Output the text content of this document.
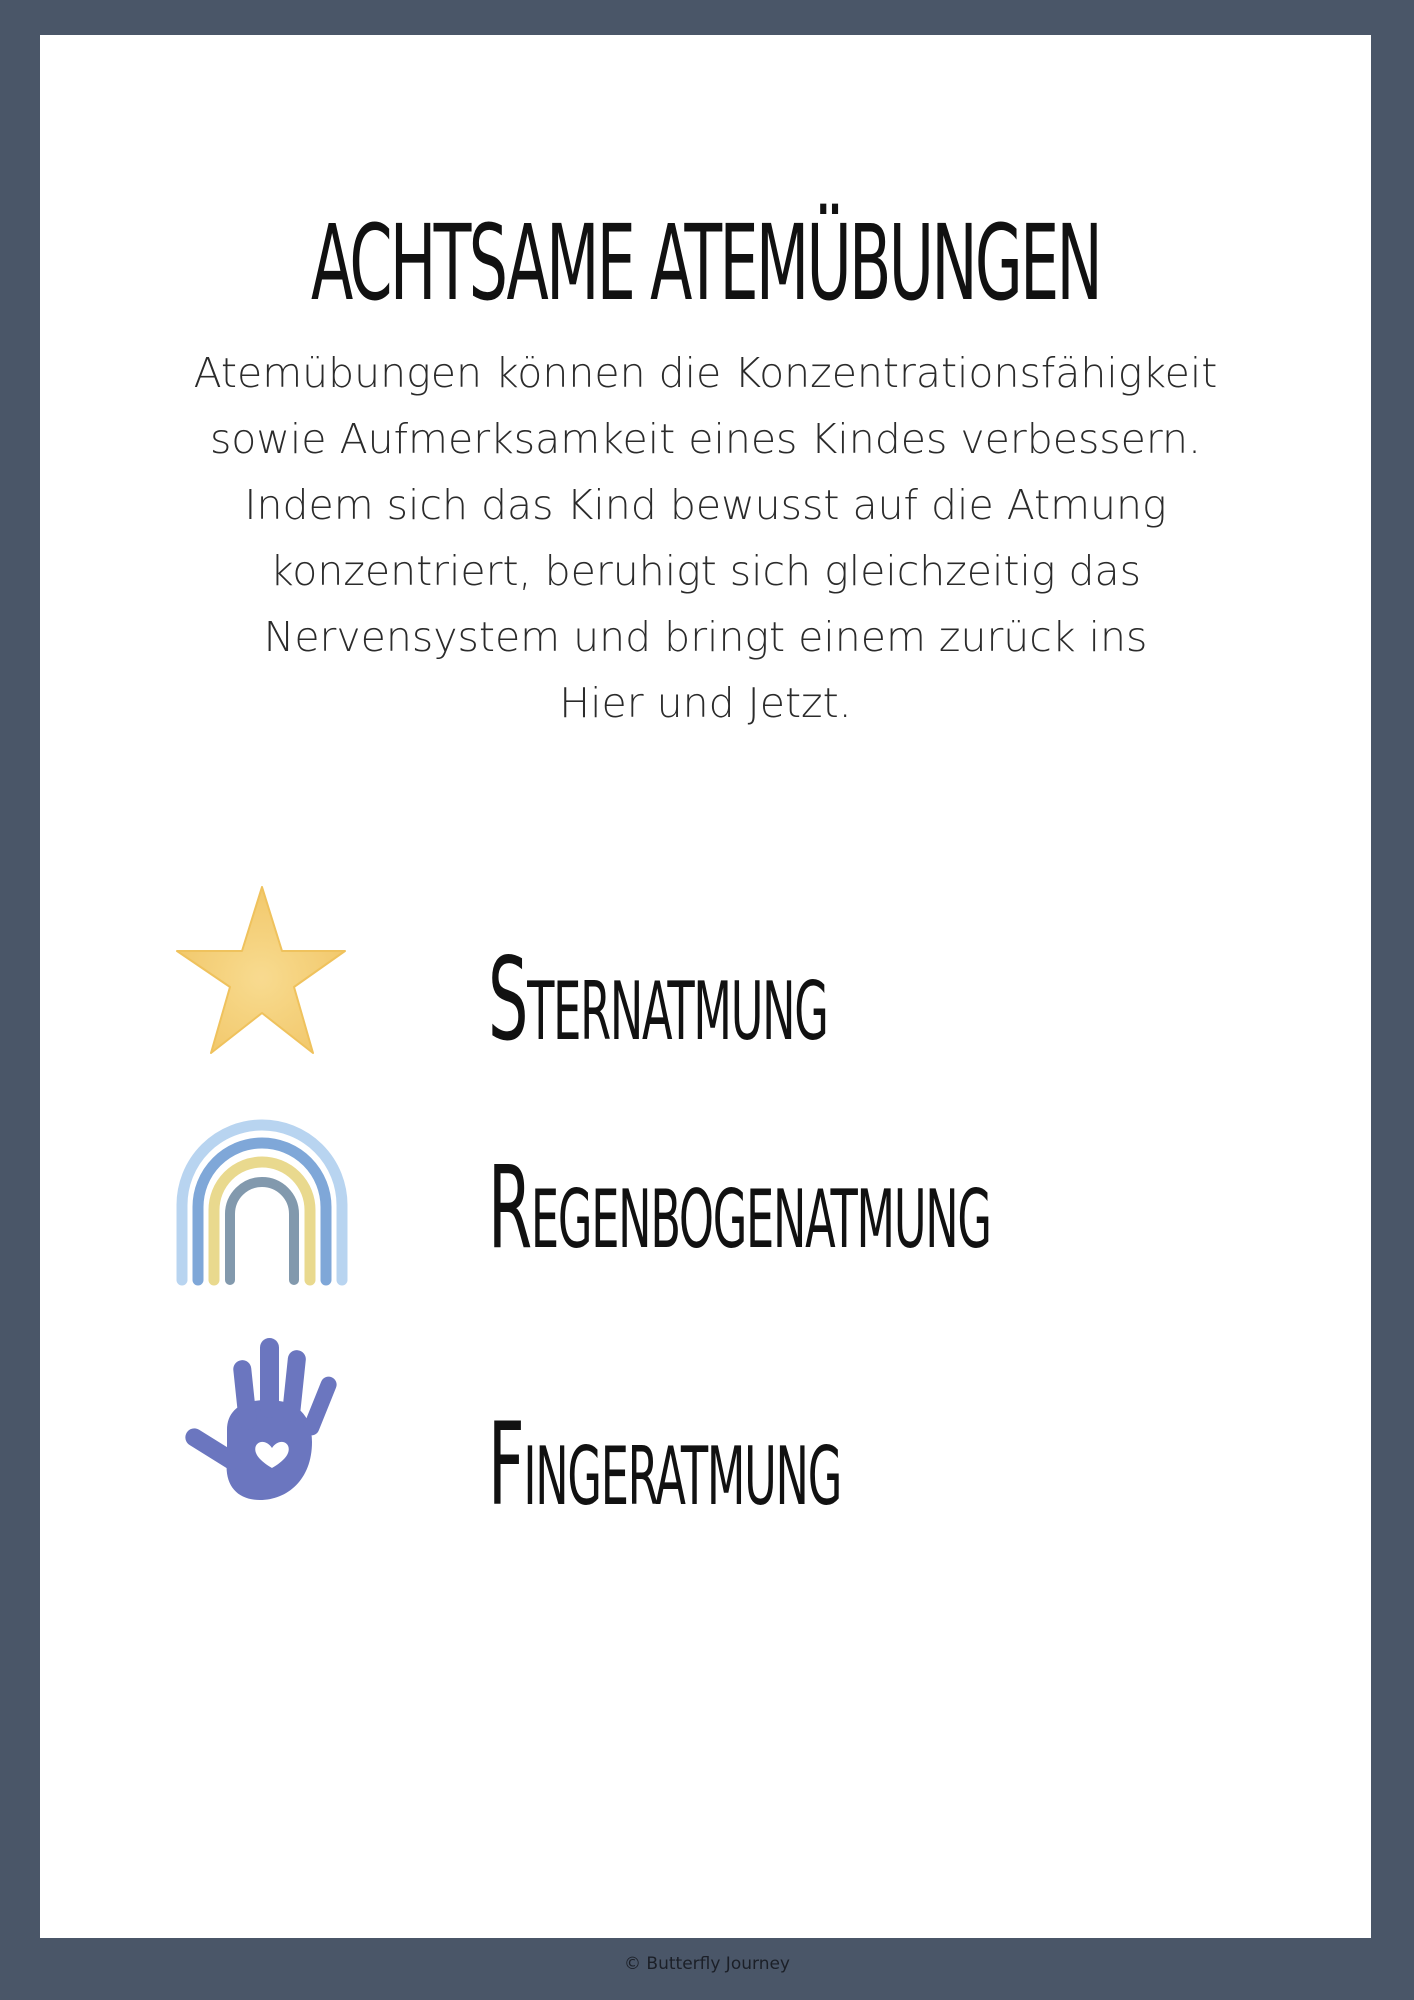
ACHTSAME ATEMÜBUNGEN
Atemübungen können die Konzentrationsfähigkeit
sowie Aufmerksamkeit eines Kindes verbessern.
Indem sich das Kind bewusst auf die Atmung
konzentriert, beruhigt sich gleichzeitig das
Nervensystem und bringt einem zurück ins
Hier und Jetzt.
Sternatmung
Regenbogenatmung
Fingeratmung
© Butterfly Journey
